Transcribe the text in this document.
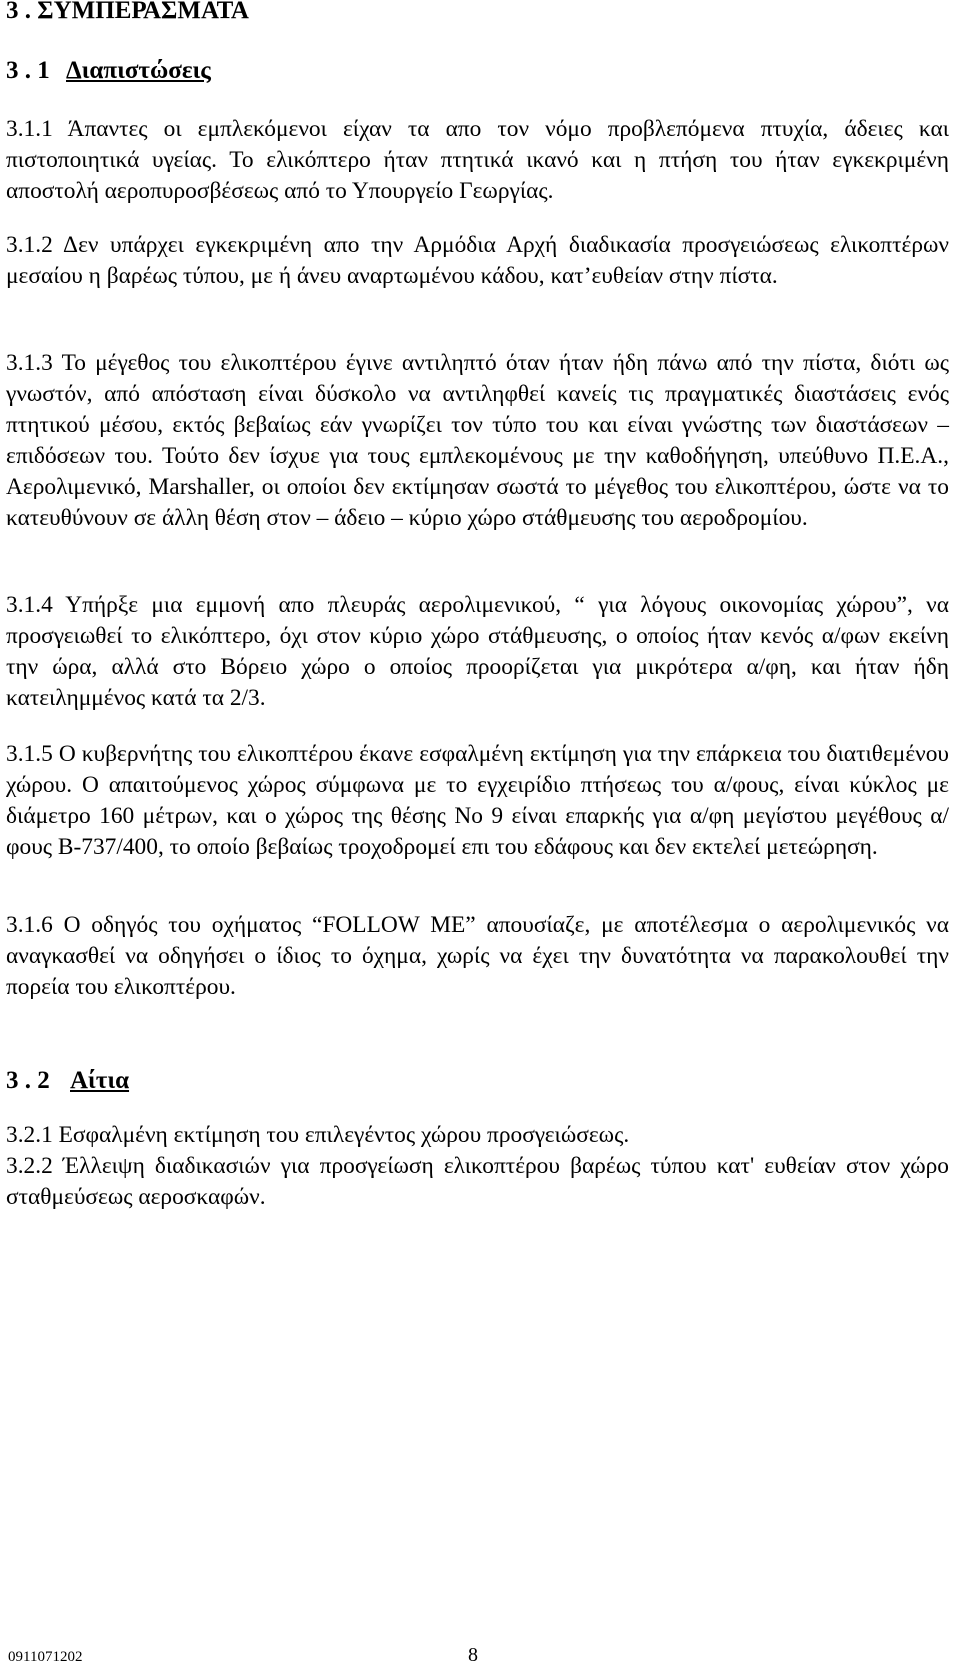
3 . ΣΥΜΠΕΡΑΣΜΑΤΑ
3 . 1 Διαπιστώσεις
3.1.1 Άπαντες οι εμπλεκόμενοι είχαν τα απο τον νόμο προβλεπόμενα πτυχία, άδειες και πιστοποιητικά υγείας. Το ελικόπτερο ήταν πτητικά ικανό και η πτήση του ήταν εγκεκριμένη αποστολή αεροπυροσβέσεως από το Υπουργείο Γεωργίας.
3.1.2 Δεν υπάρχει εγκεκριμένη απο την Αρμόδια Αρχή διαδικασία προσγειώσεως ελικοπτέρων μεσαίου η βαρέως τύπου, με ή άνευ αναρτωμένου κάδου, κατ’ευθείαν στην πίστα.
3.1.3 Το μέγεθος του ελικοπτέρου έγινε αντιληπτό όταν ήταν ήδη πάνω από την πίστα, διότι ως γνωστόν, από απόσταση είναι δύσκολο να αντιληφθεί κανείς τις πραγματικές διαστάσεις ενός πτητικού μέσου, εκτός βεβαίως εάν γνωρίζει τον τύπο του και είναι γνώστης των διαστάσεων – επιδόσεων του. Τούτο δεν ίσχυε για τους εμπλεκομένους με την καθοδήγηση, υπεύθυνο Π.Ε.Α., Αερολιμενικό, Marshaller, οι οποίοι δεν εκτίμησαν σωστά το μέγεθος του ελικοπτέρου, ώστε να το κατευθύνουν σε άλλη θέση στον – άδειο – κύριο χώρο στάθμευσης του αεροδρομίου.
3.1.4 Υπήρξε μια εμμονή απο πλευράς αερολιμενικού, “ για λόγους οικονομίας χώρου”, να προσγειωθεί το ελικόπτερο, όχι στον κύριο χώρο στάθμευσης, ο οποίος ήταν κενός α/φων εκείνη την ώρα, αλλά στο Βόρειο χώρο ο οποίος προορίζεται για μικρότερα α/φη, και ήταν ήδη κατειλημμένος κατά τα 2/3.
3.1.5 Ο κυβερνήτης του ελικοπτέρου έκανε εσφαλμένη εκτίμηση για την επάρκεια του διατιθεμένου χώρου. Ο απαιτούμενος χώρος σύμφωνα με το εγχειρίδιο πτήσεως του α/φους, είναι κύκλος με διάμετρο 160 μέτρων, και ο χώρος της θέσης Νο 9 είναι επαρκής για α/φη μεγίστου μεγέθους α/φους Β-737/400, το οποίο βεβαίως τροχοδρομεί επι του εδάφους και δεν εκτελεί μετεώρηση.
3.1.6 Ο οδηγός του οχήματος “FOLLOW ME” απουσίαζε, με αποτέλεσμα ο αερολιμενικός να αναγκασθεί να οδηγήσει ο ίδιος το όχημα, χωρίς να έχει την δυνατότητα να παρακολουθεί την πορεία του ελικοπτέρου.
3 . 2 Αίτια
3.2.1 Εσφαλμένη εκτίμηση του επιλεγέντος χώρου προσγειώσεως.
3.2.2 Έλλειψη διαδικασιών για προσγείωση ελικοπτέρου βαρέως τύπου κατ' ευθείαν στον χώρο σταθμεύσεως αεροσκαφών.
0911071202	8
